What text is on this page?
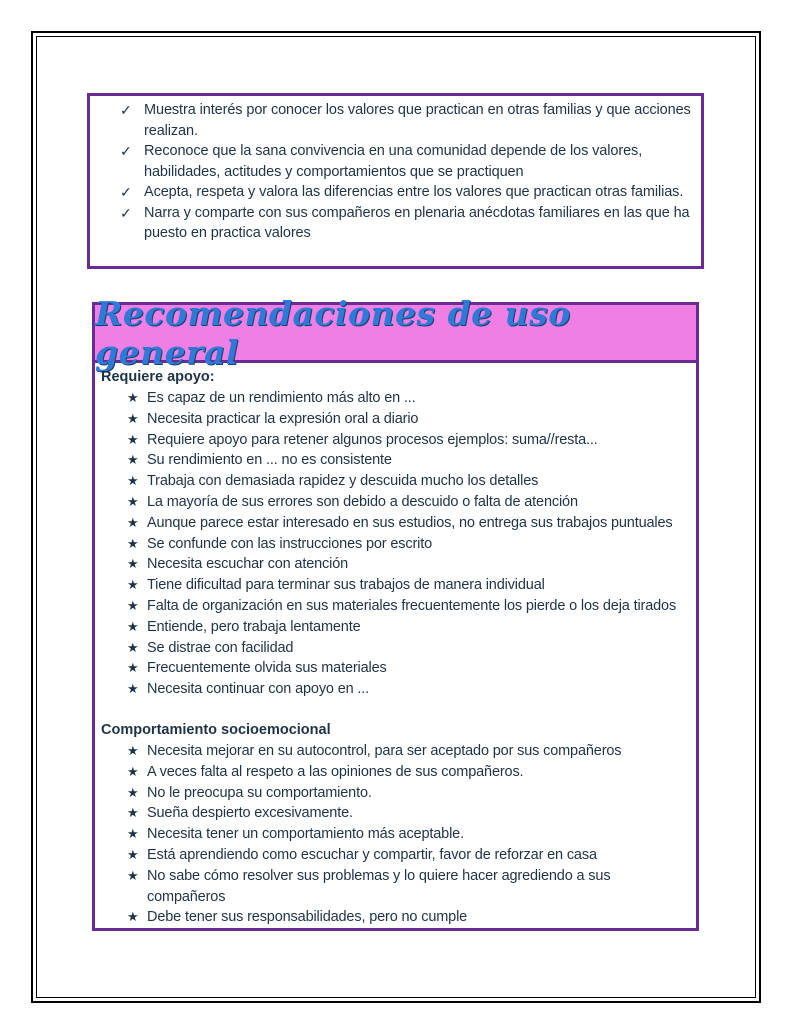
✓ Muestra interés por conocer los valores que practican en otras familias y que acciones realizan.
✓ Reconoce que la sana convivencia en una comunidad depende de los valores, habilidades, actitudes y comportamientos que se practiquen
✓ Acepta, respeta y valora las diferencias entre los valores que practican otras familias.
✓ Narra y comparte con sus compañeros en plenaria anécdotas familiares en las que ha puesto en practica valores
Recomendaciones de uso general

Requiere apoyo:

★ Es capaz de un rendimiento más alto en ...
★ Necesita practicar la expresión oral a diario
★ Requiere apoyo para retener algunos procesos ejemplos: suma//resta...
★ Su rendimiento en ... no es consistente
★ Trabaja con demasiada rapidez y descuida mucho los detalles
★ La mayoría de sus errores son debido a descuido o falta de atención
★ Aunque parece estar interesado en sus estudios, no entrega sus trabajos puntuales
★ Se confunde con las instrucciones por escrito
★ Necesita escuchar con atención
★ Tiene dificultad para terminar sus trabajos de manera individual
★ Falta de organización en sus materiales frecuentemente los pierde o los deja tirados
★ Entiende, pero trabaja lentamente
★ Se distrae con facilidad
★ Frecuentemente olvida sus materiales
★ Necesita continuar con apoyo en ...

Comportamiento socioemocional

★ Necesita mejorar en su autocontrol, para ser aceptado por sus compañeros
★ A veces falta al respeto a las opiniones de sus compañeros.
★ No le preocupa su comportamiento.
★ Sueña despierto excesivamente.
★ Necesita tener un comportamiento más aceptable.
★ Está aprendiendo como escuchar y compartir, favor de reforzar en casa
★ No sabe cómo resolver sus problemas y lo quiere hacer agrediendo a sus compañeros
★ Debe tener sus responsabilidades, pero no cumple
